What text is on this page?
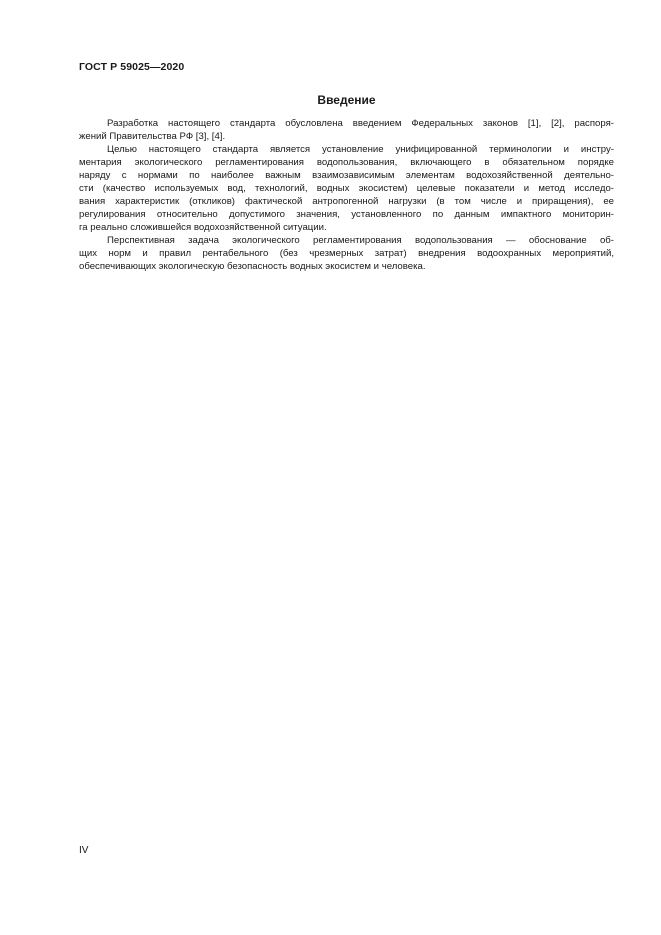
ГОСТ Р 59025—2020
Введение
Разработка настоящего стандарта обусловлена введением Федеральных законов [1], [2], распоря-
жений Правительства РФ [3], [4].
Целью настоящего стандарта является установление унифицированной терминологии и инстру-
ментария экологического регламентирования водопользования, включающего в обязательном порядке
наряду с нормами по наиболее важным взаимозависимым элементам водохозяйственной деятельно-
сти (качество используемых вод, технологий, водных экосистем) целевые показатели и метод исследо-
вания характеристик (откликов) фактической антропогенной нагрузки (в том числе и приращения), ее
регулирования относительно допустимого значения, установленного по данным импактного мониторин-
га реально сложившейся водохозяйственной ситуации.
Перспективная задача экологического регламентирования водопользования — обоснование об-
щих норм и правил рентабельного (без чрезмерных затрат) внедрения водоохранных мероприятий,
обеспечивающих экологическую безопасность водных экосистем и человека.
IV
